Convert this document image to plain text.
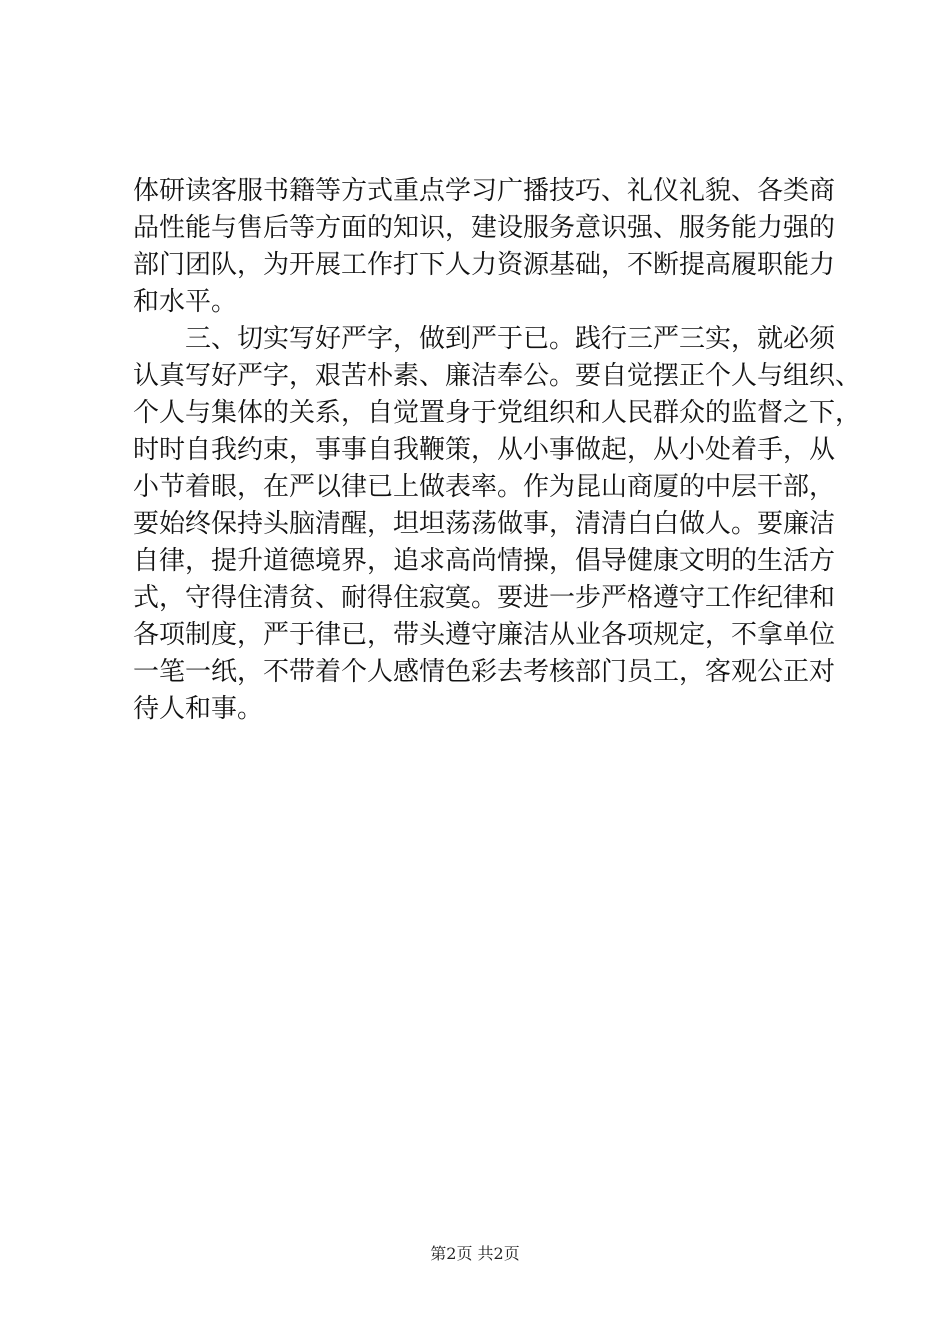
体研读客服书籍等方式重点学习广播技巧、礼仪礼貌、各类商
品性能与售后等方面的知识，建设服务意识强、服务能力强的
部门团队，为开展工作打下人力资源基础，不断提高履职能力
和水平。
三、切实写好严字，做到严于已。践行三严三实，就必须
认真写好严字，艰苦朴素、廉洁奉公。要自觉摆正个人与组织、
个人与集体的关系，自觉置身于党组织和人民群众的监督之下，
时时自我约束，事事自我鞭策，从小事做起，从小处着手，从
小节着眼，在严以律已上做表率。作为昆山商厦的中层干部，
要始终保持头脑清醒，坦坦荡荡做事，清清白白做人。要廉洁
自律，提升道德境界，追求高尚情操，倡导健康文明的生活方
式，守得住清贫、耐得住寂寞。要进一步严格遵守工作纪律和
各项制度，严于律已，带头遵守廉洁从业各项规定，不拿单位
一笔一纸，不带着个人感情色彩去考核部门员工，客观公正对
待人和事。
第2页 共2页
